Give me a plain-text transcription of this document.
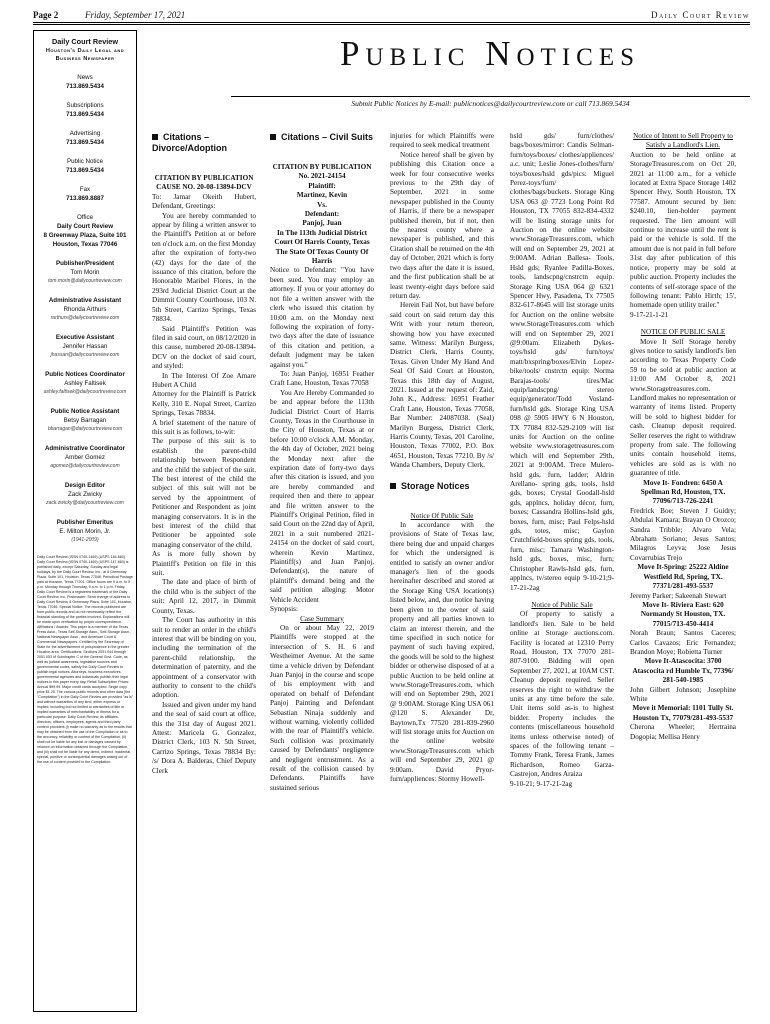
Page 2	Friday, September 17, 2021	Daily Court Review
Daily Court Review
Houston's Daily Legal and Business Newspaper
News
713.869.5434
Subscriptions
713.869.5434
Advertising
713.869.5434
Public Notice
713.869.5434
Fax
713.869.8887
Office
Daily Court Review
8 Greenway Plaza, Suite 101
Houston, Texas 77046
Publisher/President
Tom Morin
tom.morin@dailycourtreview.com
Administrative Assistant
Rhonda Arthurs
rarthurs@dailycourtreview.com
Executive Assistant
Jennifer Hassan
jhassan@dailycourtreview.com
Public Notices Coordinator
Ashley Faltisek
ashley.faltisek@dailycourtreview.com
Public Notice Assistant
Betsy Barragan
bbarragan@dailycourtreview.com
Administrative Coordinator
Amber Gomez
agomez@dailycourtreview.com
Design Editor
Zack Zwicky
zack.zwicky@dailycourtreview.com
Publisher Emeritus
E. Milton Morin, Jr.
(1941-2009)
Daily Court Review (ISSN 0740-1469) (USPS 146-660) Daily Court Review (ISSN 0740-1469) (USPS 147-660) is published daily, except Saturday, Sunday and legal holidays, by the Daily Court Review, Inc., at 8 Greenway Plaza, Suite 101, Houston, Texas 77046. Periodical Postage paid at Houston, Texas 77201. Office hours are 9 a.m. to 5 p.m. Monday through Thursday, 9 a.m. to 1 p.m. Friday. Daily Court Review is a registered trademark of the Daily Court Review, Inc. Postmaster: Send change of address to Daily Court Review, 8 Greenway Plaza, Suite 101, Houston, Texas 77046. Special Notice: The records published are from public records and do not necessarily reflect the financial standing of the parties involved. Explanations will be made upon verification by proper correspondence. Affiliations / Awards: This paper is a member of the Texas Press Assn., Texas Self-Storage Assn., Self-Storage Assn., National Newspaper Assn., and American Court & Commercial Newspapers. Certified by the Secretary of State for the advertisement of jurisprudence in the greater Houston area. Certifications: Sections 2051.044 through 2051.053 of Subchapter C of the General Govt. Code, as well as judicial awareness, legislative sources and governmental codes, satisfy the Daily Court Review to publish legal notices. Attorneys, business executives, governmental agencies and individuals publish their legal notices in this paper every day. Retail Subscription Prices: Annual $99.99. Major credit cards accepted. Single copy price $1.25. The various public records and other data (the "Compilation") in the Daily Court Review are provided "as is" and without warranties of any kind, either express or implied, including but not limited to warranties of title or implied warranties of merchantability or fitness for a particular purpose. Daily Court Review, its affiliates, directors, officers, employees, agents and third party content providers (i) make no warranty as to the results that may be obtained from the use of the Compilation or as to the accuracy, reliability or content of the Compilation, (ii) shall not be liable for any lost or damages caused by reliance on information obtained through the Compilation, and (iii) shall not be liable for any direct, indirect, incidental, special, punitive or consequential damages arising out of the use of content provided in the Compilation.
Public Notices
Submit Public Notices by E-mail: publicnotices@dailycourtreview.com or call 713.869.5434
Citations – Divorce/Adoption

CITATION BY PUBLICATION

CAUSE NO. 20-08-13894-DCV

To: Jamar Okeith Hubert, Defendant, Greetings:

You are hereby commanded to appear by filing a written answer to the Plaintiff's Petition at or before ten o'clock a.m. on the first Monday after the expiration of forty-two (42) days for the date of the issuance of this citation, before the Honorable Maribel Flores, in the 293rd Judicial District Court at the Dimmit County Courthouse, 103 N. 5th Street, Carrizo Springs, Texas 78834.

Said Plaintiff's Petition was filed in said court, on 08/12/2020 in this cause, numbered 20-08-13894-DCV on the docket of said court, and styled:

In The Interest Of Zoe Amare Hubert A Child

Attorney for the Plaintiff is Patrick Kelly, 310 E. Nopal Street, Carrizo Springs, Texas 78834.

A brief statement of the nature of this suit is as follows, to-wit:

The purpose of this suit is to establish the parent-child relationship between Respondent and the child the subject of the suit. The best interest of the child the subject of this suit will not be served by the appointment of Petitioner and Respondent as joint managing conservators. It is in the best interest of the child that Petitioner be appointed sole managing conservator of the child.

As is more fully shown by Plaintiff's Petition on file in this suit.

The date and place of birth of the child who is the subject of the suit: April 12, 2017, in Dimmit County, Texas.

The Court has authority in this suit to render an order in the child's interest that will be binding on you, including the termination of the parent-child relationship, the determination of paternity, and the appointment of a conservator with authority to consent to the child's adoption.

Issued and given under my hand and the seal of said court at office, this the 31st day of August 2021. Attest: Maricela G. Gonzalez, District Clerk, 103 N. 5th Street, Carrizo Springs, Texas 78834 By: /s/ Dora A. Balderas, Chief Deputy Clerk

Citations – Civil Suits

CITATION BY PUBLICATION

No. 2021-24154

Plaintiff:

Martinez, Kevin

Vs.

Defendant:

Panjoj, Juan

In The 113th Judicial District Court Of Harris County, Texas

The State Of Texas County Of Harris

Notice to Defendant: "You have been sued. You may employ an attorney. If you or your attorney do not file a written answer with the clerk who issued this citation by 10:00 a.m. on the Monday next following the expiration of forty-two days after the date of issuance of this citation and petition, a default judgment may be taken against you."

To: Juan Panjoj, 16951 Feather Craft Lane, Houston, Texas 77058

You Are Hereby Commanded to be and appear before the 113th Judicial District Court of Harris County, Texas in the Courthouse in the City of Houston, Texas at or before 10:00 o'clock A.M. Monday, the 4th day of October, 2021 being the Monday next after the expiration date of forty-two days after this citation is issued, and you are hereby commanded and required then and there to appear and file written answer to the Plaintiff's Original Petition, filed in said Court on the 22nd day of April, 2021 in a suit numbered 2021-24154 on the docket of said court, wherein Kevin Martinez, Plaintiff(s) and Juan Panjoj, Defendant(s), the nature of plaintiff's demand being and the said petition alleging: Motor Vehicle Accident

Synopsis:

Case Summary

On or about May 22, 2019 Plaintiffs were stopped at the intersection of S. H. 6 and Westheimer Avenue. At the same time a vehicle driven by Defendant Juan Panjoj in the course and scope of his employment with and operated on behalf of Defendant Panjoj Painting and Defendant Sebastian Ninaja suddenly and without warning, violently collided with the rear of Plaintiff's vehicle. Such collision was proximately caused by Defendants' negligence and negligent entrustment. As a result of the collision caused by Defendants. Plaintiffs have sustained serious

injuries for which Plaintiffs were required to seek medical treatment

Notice hereof shall be given by publishing this Citation once a week for four consecutive weeks previous to the 29th day of September, 2021 in some newspaper published in the County of Harris, if there be a newspaper published therein, but if not, then the nearest county where a newspaper is published, and this Citation shall be returned on the 4th day of October, 2021 which is forty two days after the date it is issued, and the first publication shall be at least twenty-eight days before said return day.

Herein Fail Not, but have before said court on said return day this Writ with your return thereon, showing how you have executed same. Witness: Marilyn Burgess, District Clerk, Harris County, Texas. Given Under My Hand And Seal Of Said Court at Houston, Texas this 18th day of August, 2021. Issued at the request of: Zaid, John K., Address: 16951 Feather Craft Lane, Houston, Texas 77058, Bar Number: 24087038. (Seal) Marilyn Burgess, District Clerk, Harris County, Texas, 201 Caroline, Houston, Texas 77002, P.O. Box 4651, Houston, Texas 77210. By /s/ Wanda Chambers, Deputy Clerk.

Storage Notices

Notice Of Public Sale

In accordance with the provisions of State of Texas law, there being due and unpaid charges for which the undersigned is entitled to satisfy an owner and/or manager's lien of the goods hereinafter described and stored at the Storage King USA location(s) listed below, and, due notice having been given to the owner of said property and all parties known to claim an interest therein, and the time specified in such notice for payment of such having expired, the goods will be sold to the highest bidder or otherwise disposed of at a public Auction to be held online at www.StorageTreasures.com, which will end on September 29th, 2021 @ 9:00AM. Storage King USA 061 @120 S. Alexander Dr, Baytown,Tx 77520 281-839-2960 will list storage units for Auction on the online website www.StorageTreasures.com which will end September 29, 2021 @ 9:00am. David Pryor-furn/appliences: Stormy Howell-

hsld gds/ furn/clothes/ bags/boxes/mirror: Candis Selman- furn/toys/boxes/ clothes/appliences/ a.c. unit; Leslie Jones-clothes/furn/ toys/boxes/hsld gds/pics: Miguel Perez-toys/furn/ clothes/bags/buckets. Storage King USA 063 @ 7723 Long Point Rd Houston, TX 77055 832-834-4332 will be listing storage units for Auction on the online website www.StorageTreasures.com, which will end on September 29, 2021 at 9:00AM. Adrian Ballesa- Tools, Hsld gds; Ryanlee Padilla-Boxes, tools, landscpng/cnstrctn equip. Storage King USA 064 @ 6321 Spencer Hwy, Pasadena, Tx 77505 832-617-8645 will list storage units for Auction on the online website www.StorageTreasures.com which will end on September 29, 2021 @9:00am. Elizabeth Dykes-toys/hsld gds/ furn/toys/ matt/bxspring/boxes/Elvin Lopez- bike/tools/ cnstrctn equip: Norma Barajas-tools/ tires/Mac equip/landscpng/ stereo equip/generator/Todd Vosland-furn/hsld gds. Storage King USA 098 @ 5905 HWY 6 N Houston, TX 77084 832-529-2109 will list units for Auction on the online website www.storagetreasures.com which will end September 29th, 2021 at 9:00AM. Trece Mulero-hsld gds, furn, ladder; Aldrin Arellano- spring gds, tools, hsld gds, boxes; Crystal Goodall-hsld gds, applncs, holiday décor, furn, boxes; Cassandra Hollins-hsld gds, boxes, furn, misc; Paul Felps-hsld gds, totes, misc; Gaylon Crutchfield-boxes spring gds, tools, furn, misc; Tamara Washington-hsld gds, boxes, misc, furn; Christopher Rawls-hsld gds, furn, applncs, tv/stereo equip 9-10-21;9-17-21-2ag

Notice of Public Sale

Of property to satisfy a landlord's lien. Sale to be held online at Storage auctions.com. Facility is located at 12310 Perry Road, Houston, TX 77070 281-807-9100. Bidding will open September 27, 2021, at 10AM CST. Cleanup deposit required. Seller reserves the right to withdraw the units at any time before the sale. Unit items sold as-is to highest bidder. Property includes the contents (miscellaneous household items unless otherwise noted) of spaces of the following tenant – Tommy Frank, Teresa Frank, James Richardson, Romeo Garza- Castrejon, Andres Araiza

9-10-21; 9-17-21-2ag

Notice of Intent to Sell Property to Satisfy a Landlord's Lien.

Auction to be held online at StorageTreasures.com on Oct 20, 2021 at 11:00 a.m., for a vehicle located at Extra Space Storage 1402 Spencer Hwy, South Houston, TX 77587. Amount secured by lien: $240.10, lien-holder payment requested. The lien amount will continue to increase until the rent is paid or the vehicle is sold. If the amount due is not paid in full before 31st day after publication of this notice, property may be sold at public auction. Property includes the contents of self-storage space of the following tenant: Pablo Hirth; 15', homemade open utility trailer."

9-17-21-1-21

NOTICE OF PUBLIC SALE

Move It Self Storage hereby gives notice to satisfy landlord's lien according to Texas Property Code 59 to be sold at public auction at 11:00 AM October 8, 2021 www.Storagetreasures.com. Landlord makes no representation or warranty of items listed. Property will be sold to highest bidder for cash. Cleanup deposit required. Seller reserves the right to withdraw property from sale. The following units contain household items, vehicles are sold as is with no guarantee of title.

Move It- Fondren: 6450 A Spellman Rd, Houston, TX. 77096/713-726-2241

Fredrick Boe; Steven J Guidry; Abdulai Kamara; Brayan O Orozco; Sandra Tribble; Alvaro Vela; Abraham Soriano; Jesus Santos; Milagros Leyva; Jose Jesus Covarrubias Trejo

Move It-Spring: 25222 Aldine Westfield Rd, Spring, TX. 77371/281-493-5537

Jeremy Parker; Sakeenah Stewart

Move It- Riviera East: 620 Normandy St Houston, TX. 77015/713-450-4414

Norah Braun; Santos Caceres; Carlos Cavazos; Eric Fernandez; Brandon Moye; Robietta Turner

Move It-Atascocita: 3700 Atascocita rd Humble Tx, 77396/ 281-540-1985

John Gilbert Johnson; Josephine White

Move it Memorial: 1101 Tully St. Houston Tx, 77079/281-493-5537

Cherona Wheeler; Hertraina Dogopia; Mellisa Henry
